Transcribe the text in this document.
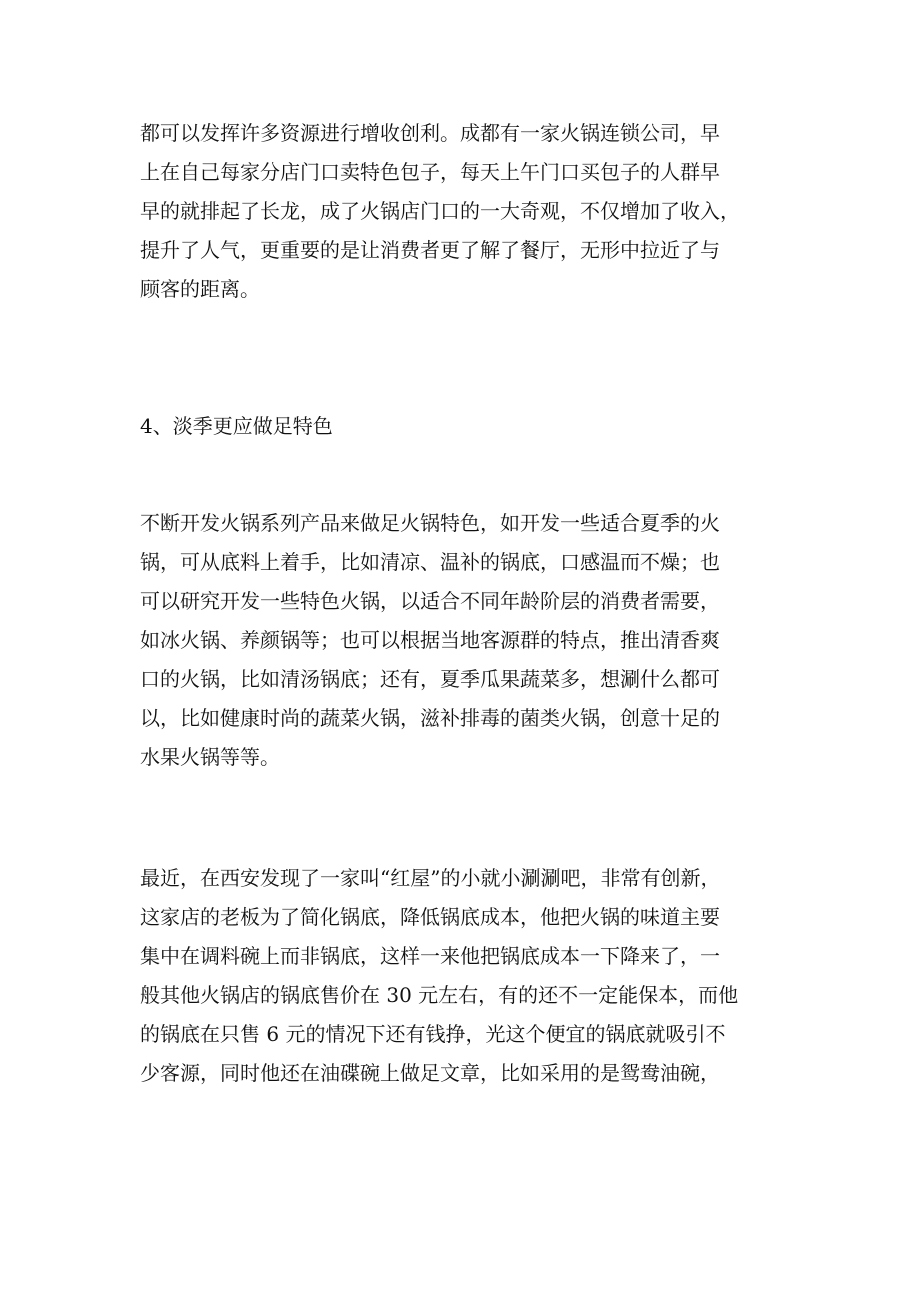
都可以发挥许多资源进行增收创利。成都有一家火锅连锁公司，早
上在自己每家分店门口卖特色包子，每天上午门口买包子的人群早
早的就排起了长龙，成了火锅店门口的一大奇观，不仅增加了收入，
提升了人气，更重要的是让消费者更了解了餐厅，无形中拉近了与
顾客的距离。

4、淡季更应做足特色

不断开发火锅系列产品来做足火锅特色，如开发一些适合夏季的火
锅，可从底料上着手，比如清凉、温补的锅底，口感温而不燥；也
可以研究开发一些特色火锅，以适合不同年龄阶层的消费者需要，
如冰火锅、养颜锅等；也可以根据当地客源群的特点，推出清香爽
口的火锅，比如清汤锅底；还有，夏季瓜果蔬菜多，想涮什么都可
以，比如健康时尚的蔬菜火锅，滋补排毒的菌类火锅，创意十足的
水果火锅等等。

最近，在西安发现了一家叫“红屋”的小就小涮涮吧，非常有创新，
这家店的老板为了简化锅底，降低锅底成本，他把火锅的味道主要
集中在调料碗上而非锅底，这样一来他把锅底成本一下降来了，一
般其他火锅店的锅底售价在 30 元左右，有的还不一定能保本，而他
的锅底在只售 6 元的情况下还有钱挣，光这个便宜的锅底就吸引不
少客源，同时他还在油碟碗上做足文章，比如采用的是鸳鸯油碗，
